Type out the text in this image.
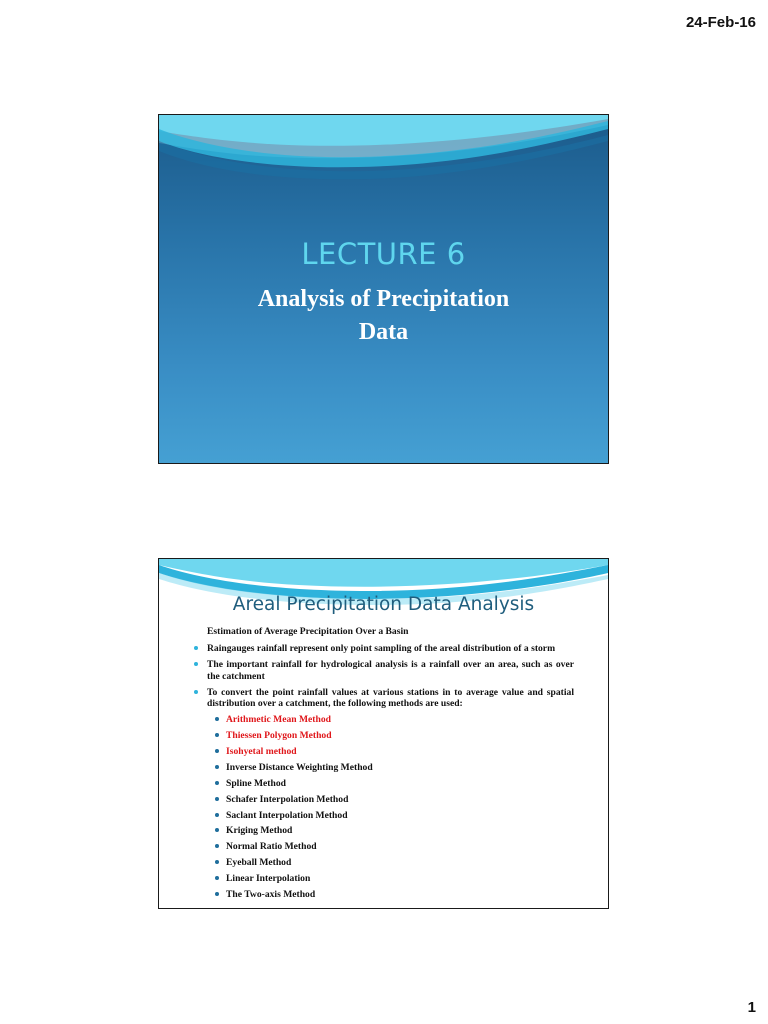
24-Feb-16
LECTURE 6
Analysis of Precipitation
Data
Areal Precipitation Data Analysis
Estimation of Average Precipitation Over a Basin
Raingauges rainfall represent only point sampling of the areal distribution of a storm
The important rainfall for hydrological analysis is a rainfall over an area, such as over the catchment
To convert the point rainfall values at various stations in to average value and spatial distribution over a catchment, the following methods are used:
Arithmetic Mean Method
Thiessen Polygon Method
Isohyetal method
Inverse Distance Weighting Method
Spline Method
Schafer Interpolation Method
Saclant Interpolation Method
Kriging Method
Normal Ratio Method
Eyeball Method
Linear Interpolation
The Two-axis Method
1
